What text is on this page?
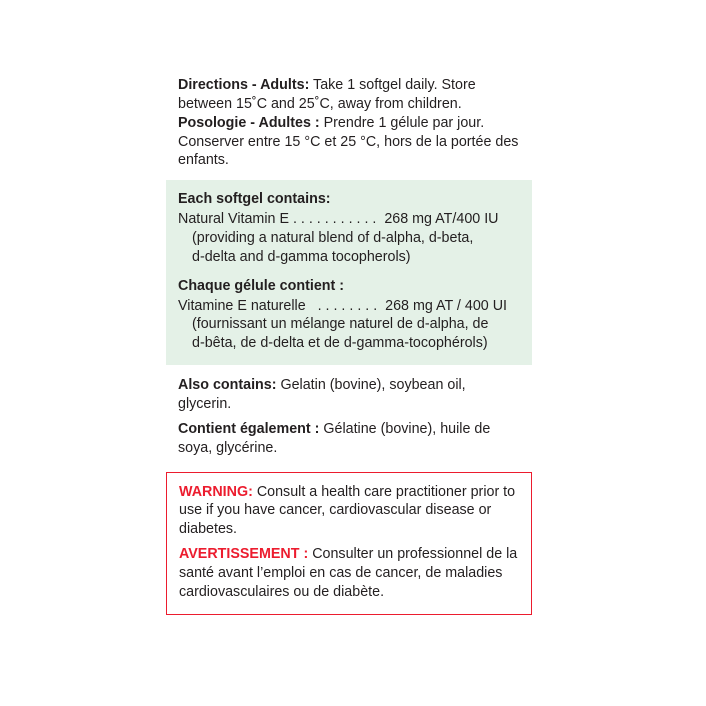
Directions - Adults: Take 1 softgel daily. Store between 15˚C and 25˚C, away from children.

Posologie - Adultes : Prendre 1 gélule par jour. Conserver entre 15 °C et 25 °C, hors de la portée des enfants.

Each softgel contains:

Natural Vitamin E . . . . . . . . . . .  268 mg AT/400 IU

(providing a natural blend of d-alpha, d-beta,

d-delta and d-gamma tocopherols)

Chaque gélule contient :

Vitamine E naturelle   . . . . . . . .  268 mg AT / 400 UI

(fournissant un mélange naturel de d-alpha, de

d-bêta, de d-delta et de d-gamma-tocophérols)

Also contains: Gelatin (bovine), soybean oil, glycerin.

Contient également : Gélatine (bovine), huile de soya, glycérine.

WARNING: Consult a health care practitioner prior to use if you have cancer, cardiovascular disease or diabetes.

AVERTISSEMENT : Consulter un professionnel de la santé avant l’emploi en cas de cancer, de maladies cardiovasculaires ou de diabète.
